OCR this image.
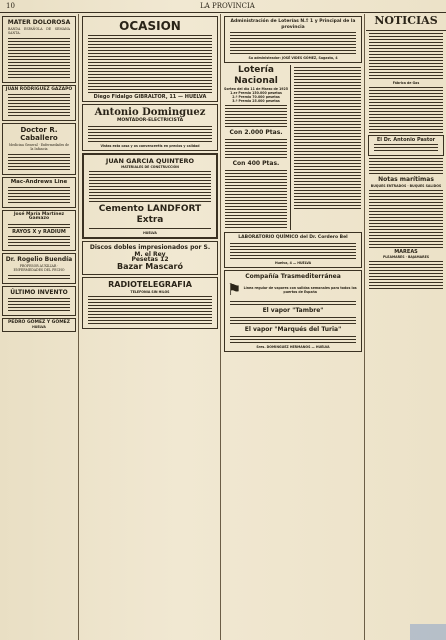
10	LA PROVINCIA
MATER DOLOROSA
BANDA ESPAÑOLA DE SEMANA SANTA.
JUAN RODRIGUEZ GAZAPO
Doctor R. Caballero
Medicina General · Enfermedades de la Infancia
Mac-Andrews Line
José María Martínez Gamazo
RAYOS X y RADIUM
Dr. Rogelio Buendía
PROFESOR AUXILIAR · ENFERMEDADES DEL PECHO
ÚLTIMO INVENTO
PEDRO GÓMEZ Y GÓMEZ
HUELVA
OCASION
Diego Fidalgo GIBRALTOR, 11 — HUELVA
Antonio Dominguez
MONTADOR-ELECTRICISTA
Vistas esta casa y os convenceréis en precios y calidad
JUAN GARCIA QUINTERO
MATERIALES DE CONSTRUCCIÓN
Cemento LANDFORT Extra
HUELVA
Discos dobles impresionados por S. M. el Rey
Pesetas 12
Bazar Mascaró
RADIOTELEGRAFIA
TELEFONIA SIN HILOS
Administración de Loterías N.º 1 y Principal de la provincia
Su administrador: JOSÉ VIDES GÓMEZ, Sagasta, 4
Lotería Nacional
Sorteo del día 11 de Marzo de 1925
1.er Premio 150.000 pesetas
2.º Premio 70.000 pesetas
3.º Premio 25.000 pesetas
Con 2.000 Ptas.
Con 400 Ptas.
LABORATORIO QUÍMICO del Dr. Cordero Bel
Huelva, 4 — HUELVA
Compañía Trasmediterránea
⚑ Línea regular de vapores con salidas semanales para todos los puertos de España
El vapor "Tambre"
El vapor "Marqués del Turia"
Sres. DOMINGUEZ HERMANOS — HUELVA
NOTICIAS
Fábrica de Gas
El Dr. Antonio Pastor
Notas marítimas
BUQUES ENTRADOS · BUQUES SALIDOS
MAREAS
PLEAMARES · BAJAMARES
